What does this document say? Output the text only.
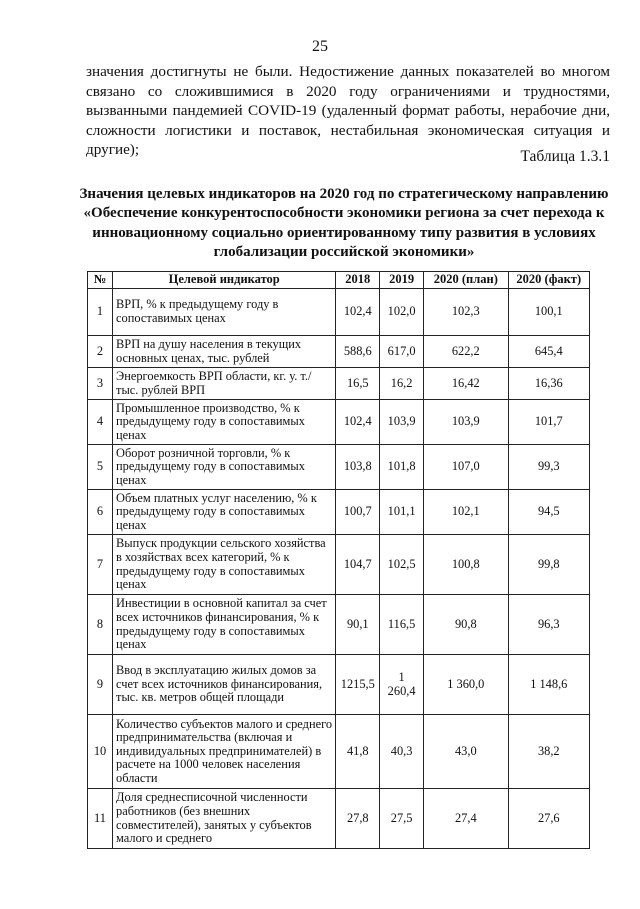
25

значения достигнуты не были. Недостижение данных показателей во многом связано со сложившимися в 2020 году ограничениями и трудностями, вызванными пандемией COVID-19 (удаленный формат работы, нерабочие дни, сложности логистики и поставок, нестабильная экономическая ситуация и другие);	Таблица 1.3.1
Значения целевых индикаторов на 2020 год по стратегическому направлению «Обеспечение конкурентоспособности экономики региона за счет перехода к инновационному социально ориентированному типу развития в условиях глобализации российской экономики»
№	Целевой индикатор	2018	2019	2020 (план)	2020 (факт)
1	ВРП, % к предыдущему году в сопоставимых ценах	102,4	102,0	102,3	100,1
2	ВРП на душу населения в текущих основных ценах, тыс. рублей	588,6	617,0	622,2	645,4
3	Энергоемкость ВРП области, кг. у. т./тыс. рублей ВРП	16,5	16,2	16,42	16,36
4	Промышленное производство, % к предыдущему году в сопоставимых ценах	102,4	103,9	103,9	101,7
5	Оборот розничной торговли, % к предыдущему году в сопоставимых ценах	103,8	101,8	107,0	99,3
6	Объем платных услуг населению, % к предыдущему году в сопоставимых ценах	100,7	101,1	102,1	94,5
7	Выпуск продукции сельского хозяйства в хозяйствах всех категорий, % к предыдущему году в сопоставимых ценах	104,7	102,5	100,8	99,8
8	Инвестиции в основной капитал за счет всех источников финансирования, % к предыдущему году в сопоставимых ценах	90,1	116,5	90,8	96,3
9	Ввод в эксплуатацию жилых домов за счет всех источников финансирования, тыс. кв. метров общей площади	1215,5	1 260,4	1 360,0	1 148,6
10	Количество субъектов малого и среднего предпринимательства (включая и индивидуальных предпринимателей) в расчете на 1000 человек населения области	41,8	40,3	43,0	38,2
11	Доля среднесписочной численности работников (без внешних совместителей), занятых у субъектов малого и среднего	27,8	27,5	27,4	27,6
